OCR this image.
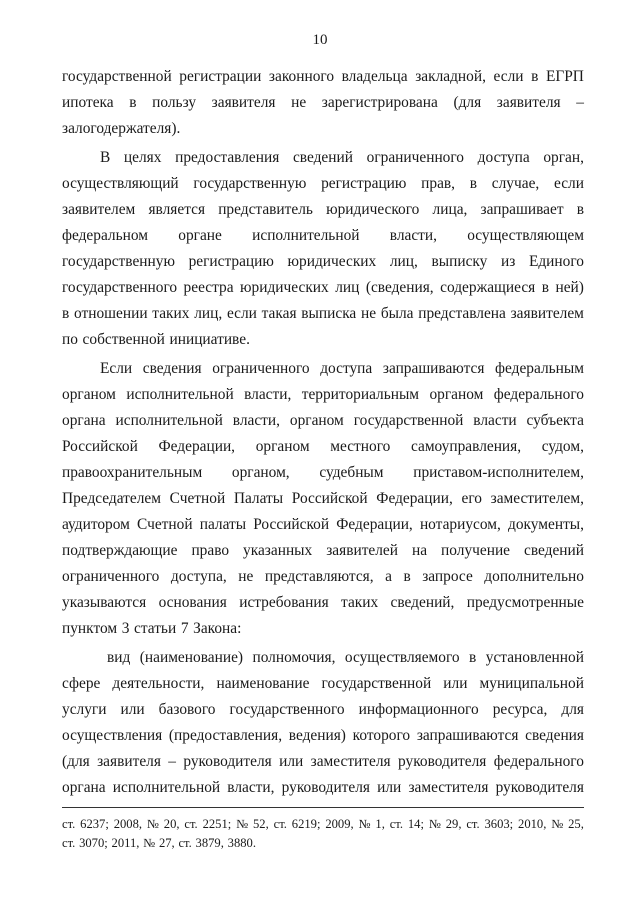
10
государственной регистрации законного владельца закладной, если в ЕГРП
ипотека в пользу заявителя не зарегистрирована (для заявителя –
залогодержателя).
В целях предоставления сведений ограниченного доступа орган,
осуществляющий государственную регистрацию прав, в случае, если
заявителем является представитель юридического лица, запрашивает в
федеральном органе исполнительной власти, осуществляющем
государственную регистрацию юридических лиц, выписку из Единого
государственного реестра юридических лиц (сведения, содержащиеся в ней)
в отношении таких лиц, если такая выписка не была представлена заявителем
по собственной инициативе.
Если сведения ограниченного доступа запрашиваются федеральным
органом исполнительной власти, территориальным органом федерального
органа исполнительной власти, органом государственной власти субъекта
Российской Федерации, органом местного самоуправления, судом,
правоохранительным органом, судебным приставом-исполнителем,
Председателем Счетной Палаты Российской Федерации, его заместителем,
аудитором Счетной палаты Российской Федерации, нотариусом, документы,
подтверждающие право указанных заявителей на получение сведений
ограниченного доступа, не представляются, а в запросе дополнительно
указываются основания истребования таких сведений, предусмотренные
пунктом 3 статьи 7 Закона:
вид (наименование) полномочия, осуществляемого в установленной
сфере деятельности, наименование государственной или муниципальной
услуги или базового государственного информационного ресурса, для
осуществления (предоставления, ведения) которого запрашиваются сведения
(для заявителя – руководителя или заместителя руководителя федерального
органа исполнительной власти, руководителя или заместителя руководителя
ст. 6237; 2008, № 20, ст. 2251; № 52, ст. 6219; 2009, № 1, ст. 14; № 29, ст. 3603; 2010, № 25,
ст. 3070; 2011, № 27, ст. 3879, 3880.
